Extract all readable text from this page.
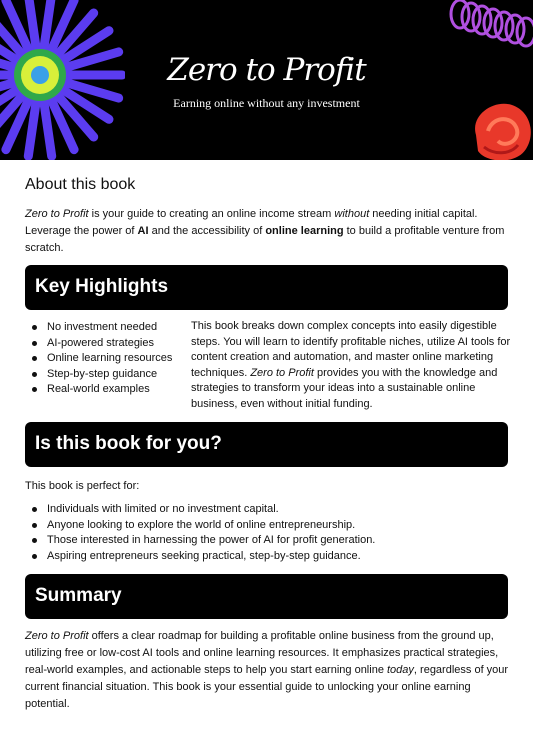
Zero to Profit

Earning online without any investment

About this book

Zero to Profit is your guide to creating an online income stream without needing initial capital. Leverage the power of AI and the accessibility of online learning to build a profitable venture from scratch.

Key Highlights
No investment needed
AI-powered strategies
Online learning resources
Step-by-step guidance
Real-world examples

This book breaks down complex concepts into easily digestible steps. You will learn to identify profitable niches, utilize AI tools for content creation and automation, and master online marketing techniques. Zero to Profit provides you with the knowledge and strategies to transform your ideas into a sustainable online business, even without initial funding.

Is this book for you?

This book is perfect for:

Individuals with limited or no investment capital.
Anyone looking to explore the world of online entrepreneurship.
Those interested in harnessing the power of AI for profit generation.
Aspiring entrepreneurs seeking practical, step-by-step guidance.
Summary

Zero to Profit offers a clear roadmap for building a profitable online business from the ground up, utilizing free or low-cost AI tools and online learning resources. It emphasizes practical strategies, real-world examples, and actionable steps to help you start earning online today, regardless of your current financial situation. This book is your essential guide to unlocking your online earning potential.
